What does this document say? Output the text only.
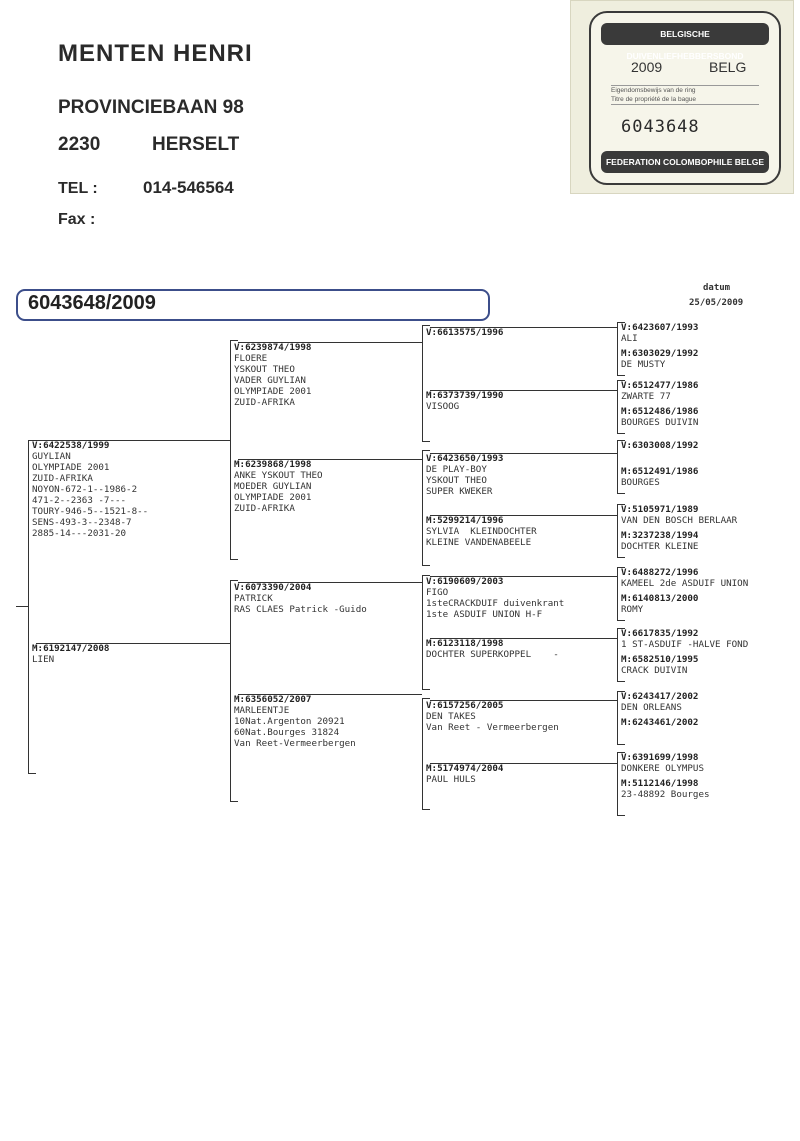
MENTEN HENRI
PROVINCIEBAAN 98
2230	HERSELT
TEL :	014-546564
Fax :
BELGISCHE DUIVENLIEFHEBBERSBOND
2009	BELG
Eigendomsbewijs van de ring
Titre de propriété de la bague
6043648
FEDERATION COLOMBOPHILE BELGE
6043648/2009
datum
25/05/2009
V:6422538/1999
GUYLIAN
OLYMPIADE 2001
ZUID-AFRIKA
NOYON-672-1--1986-2
471-2--2363 -7---
TOURY-946-5--1521-8--
SENS-493-3--2348-7
2885-14---2031-20
M:6192147/2008
LIEN
V:6239874/1998
FLOERE
YSKOUT THEO
VADER GUYLIAN
OLYMPIADE 2001
ZUID-AFRIKA
M:6239868/1998
ANKE YSKOUT THEO
MOEDER GUYLIAN
OLYMPIADE 2001
ZUID-AFRIKA
V:6073390/2004
PATRICK
RAS CLAES Patrick -Guido
M:6356052/2007
MARLEENTJE
10Nat.Argenton 20921
60Nat.Bourges 31824
Van Reet-Vermeerbergen
V:6613575/1996
M:6373739/1990
VISOOG
V:6423650/1993
DE PLAY-BOY
YSKOUT THEO
SUPER KWEKER
M:5299214/1996
SYLVIA  KLEINDOCHTER
KLEINE VANDENABEELE
V:6190609/2003
FIGO
1steCRACKDUIF duivenkrant
1ste ASDUIF UNION H-F
M:6123118/1998
DOCHTER SUPERKOPPEL    -
V:6157256/2005
DEN TAKES
Van Reet - Vermeerbergen
M:5174974/2004
PAUL HULS
V:6423607/1993
ALI
M:6303029/1992
DE MUSTY
V:6512477/1986
ZWARTE 77
M:6512486/1986
BOURGES DUIVIN
V:6303008/1992
M:6512491/1986
BOURGES
V:5105971/1989
VAN DEN BOSCH BERLAAR
M:3237238/1994
DOCHTER KLEINE
V:6488272/1996
KAMEEL 2de ASDUIF UNION
M:6140813/2000
ROMY
V:6617835/1992
1 ST-ASDUIF -HALVE FOND
M:6582510/1995
CRACK DUIVIN
V:6243417/2002
DEN ORLEANS
M:6243461/2002
V:6391699/1998
DONKERE OLYMPUS
M:5112146/1998
23-48892 Bourges
